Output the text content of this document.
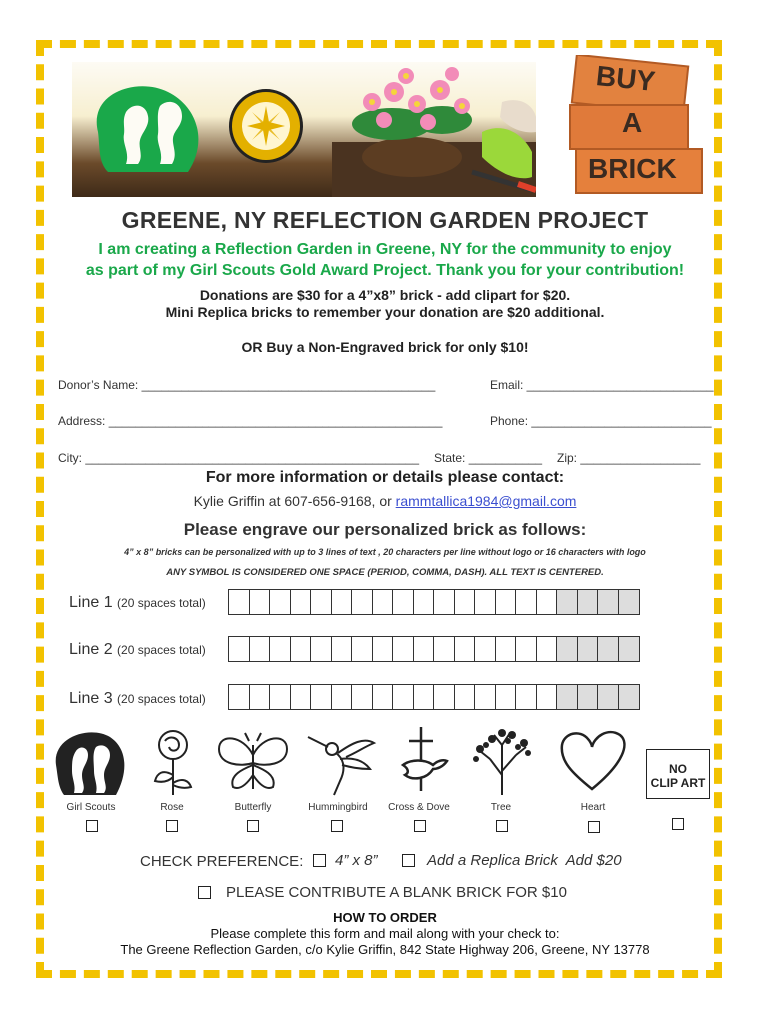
BUY
A
BRICK
GREENE, NY REFLECTION GARDEN PROJECT
I am creating a Reflection Garden in Greene, NY for the community to enjoy
as part of my Girl Scouts Gold Award Project. Thank you for your contribution!
Donations are $30 for a 4”x8” brick - add clipart for $20.
Mini Replica bricks to remember your donation are $20 additional.
OR Buy a Non-Engraved brick for only $10!
Donor’s Name: ____________________________________________	Email: ____________________________
Address: __________________________________________________	Phone: ___________________________
City: __________________________________________________ State: ___________ Zip: __________________
For more information or details please contact:
Kylie Griffin at 607-656-9168, or rammtallica1984@gmail.com
Please engrave our personalized brick as follows:
4” x 8” bricks can be personalized with up to 3 lines of text , 20 characters per line without logo or 16 characters with logo
ANY SYMBOL IS CONSIDERED ONE SPACE (PERIOD, COMMA, DASH). ALL TEXT IS CENTERED.
Line 1 (20 spaces total)
Line 2 (20 spaces total)
Line 3 (20 spaces total)
NO
CLIP ART
Girl Scouts	Rose	Butterfly	Hummingbird	Cross & Dove	Tree	Heart
CHECK PREFERENCE: 4” x 8”	Add a Replica Brick  Add $20
PLEASE CONTRIBUTE A BLANK BRICK FOR $10
HOW TO ORDER
Please complete this form and mail along with your check to:
The Greene Reflection Garden, c/o Kylie Griffin, 842 State Highway 206, Greene, NY 13778
